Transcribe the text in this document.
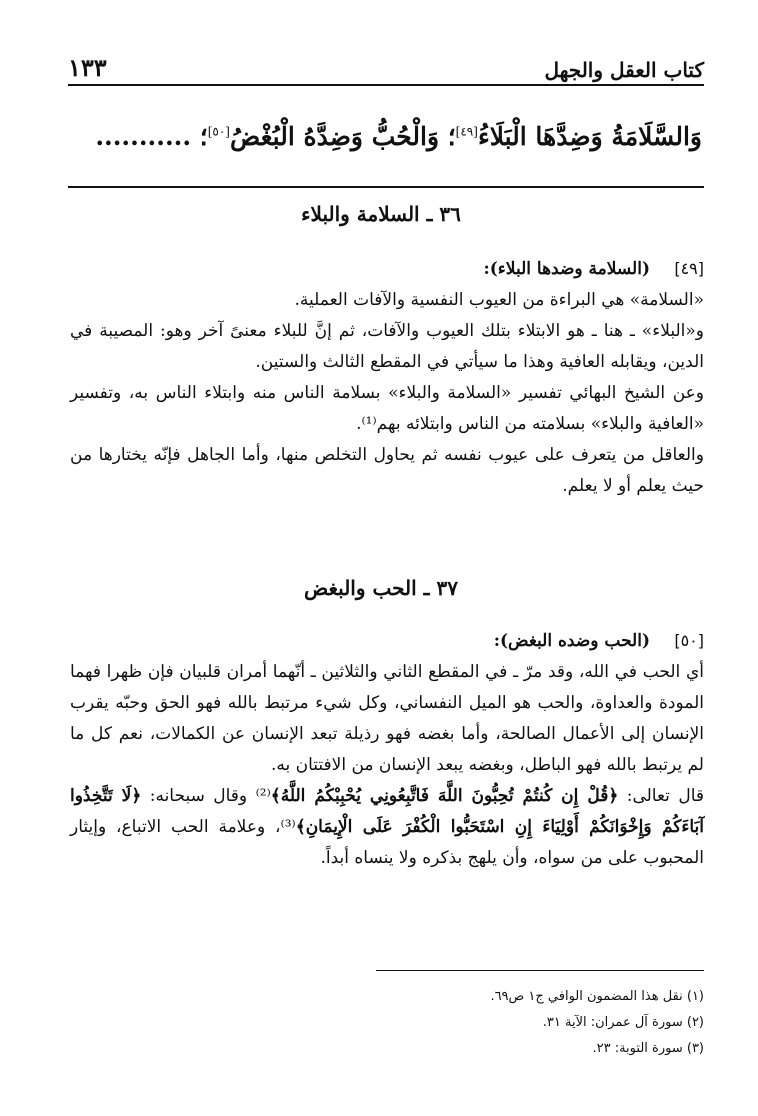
كتاب العقل والجهل
١٣٣
وَالسَّلَامَةُ وَضِدَّهَا الْبَلَاءُ[٤٩]؛ وَالْحُبُّ وَضِدَّهُ الْبُغْضُ[٥٠]؛ ...........
٣٦ ـ السلامة والبلاء

[٤٩](السلامة وضدها البلاء):

«السلامة» هي البراءة من العيوب النفسية والآفات العملية.

و«البلاء» ـ هنا ـ هو الابتلاء بتلك العيوب والآفات، ثم إنَّ للبلاء معنىً آخر وهو: المصيبة في الدين، ويقابله العافية وهذا ما سيأتي في المقطع الثالث والستين.

وعن الشيخ البهائي تفسير «السلامة والبلاء» بسلامة الناس منه وابتلاء الناس به، وتفسير «العافية والبلاء» بسلامته من الناس وابتلائه بهم⁽¹⁾.

والعاقل من يتعرف على عيوب نفسه ثم يحاول التخلص منها، وأما الجاهل فإنّه يختارها من حيث يعلم أو لا يعلم.

٣٧ ـ الحب والبغض

[٥٠](الحب وضده البغض):

أي الحب في الله، وقد مرّ ـ في المقطع الثاني والثلاثين ـ أنّهما أمران قلبيان فإن ظهرا فهما المودة والعداوة، والحب هو الميل النفساني، وكل شيء مرتبط بالله فهو الحق وحبّه يقرب الإنسان إلى الأعمال الصالحة، وأما بغضه فهو رذيلة تبعد الإنسان عن الكمالات، نعم كل ما لم يرتبط بالله فهو الباطل، وبغضه يبعد الإنسان من الافتتان به.

قال تعالى: ﴿قُلْ إِن كُنتُمْ تُحِبُّونَ اللَّهَ فَاتَّبِعُونِي يُحْبِبْكُمُ اللَّهُ﴾⁽²⁾ وقال سبحانه: ﴿لَا تَتَّخِذُوا آبَاءَكُمْ وَإِخْوَانَكُمْ أَوْلِيَاءَ إِنِ اسْتَحَبُّوا الْكُفْرَ عَلَى الْإِيمَانِ﴾⁽³⁾، وعلامة الحب الاتباع، وإيثار المحبوب على من سواه، وأن يلهج بذكره ولا ينساه أبداً.

(١) نقل هذا المضمون الوافي ج١ ص٦٩.

(٢) سورة آل عمران: الآية ٣١.

(٣) سورة التوبة: ٢٣.
